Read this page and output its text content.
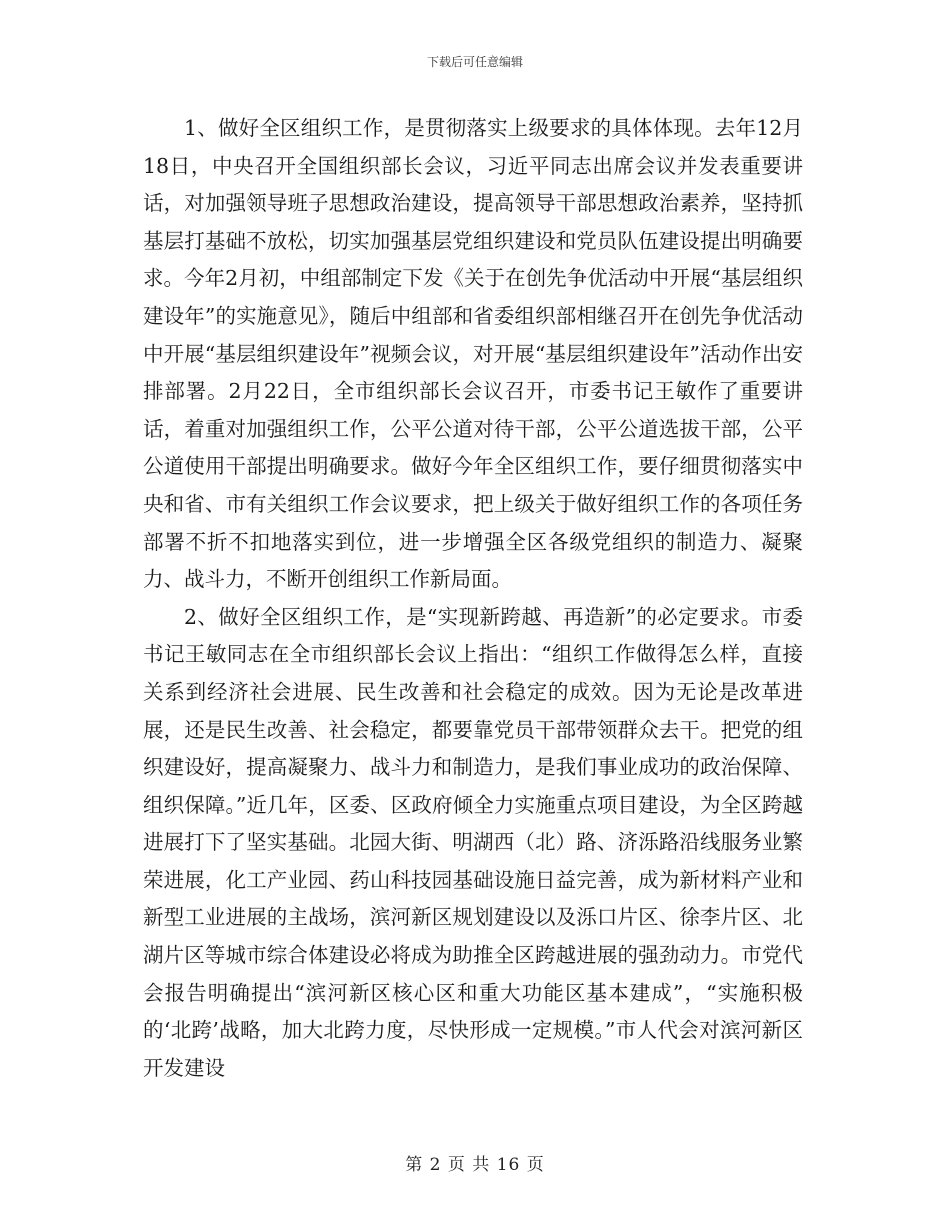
下载后可任意编辑

1、做好全区组织工作，是贯彻落实上级要求的具体体现。去年12月18日，中央召开全国组织部长会议，习近平同志出席会议并发表重要讲话，对加强领导班子思想政治建设，提高领导干部思想政治素养，坚持抓基层打基础不放松，切实加强基层党组织建设和党员队伍建设提出明确要求。今年2月初，中组部制定下发《关于在创先争优活动中开展“基层组织建设年”的实施意见》，随后中组部和省委组织部相继召开在创先争优活动中开展“基层组织建设年”视频会议，对开展“基层组织建设年”活动作出安排部署。2月22日，全市组织部长会议召开，市委书记王敏作了重要讲话，着重对加强组织工作，公平公道对待干部，公平公道选拔干部，公平公道使用干部提出明确要求。做好今年全区组织工作，要仔细贯彻落实中央和省、市有关组织工作会议要求，把上级关于做好组织工作的各项任务部署不折不扣地落实到位，进一步增强全区各级党组织的制造力、凝聚力、战斗力，不断开创组织工作新局面。

2、做好全区组织工作，是“实现新跨越、再造新”的必定要求。市委书记王敏同志在全市组织部长会议上指出：“组织工作做得怎么样，直接关系到经济社会进展、民生改善和社会稳定的成效。因为无论是改革进展，还是民生改善、社会稳定，都要靠党员干部带领群众去干。把党的组织建设好，提高凝聚力、战斗力和制造力，是我们事业成功的政治保障、组织保障。”近几年，区委、区政府倾全力实施重点项目建设，为全区跨越进展打下了坚实基础。北园大街、明湖西（北）路、济泺路沿线服务业繁荣进展，化工产业园、药山科技园基础设施日益完善，成为新材料产业和新型工业进展的主战场，滨河新区规划建设以及泺口片区、徐李片区、北湖片区等城市综合体建设必将成为助推全区跨越进展的强劲动力。市党代会报告明确提出“滨河新区核心区和重大功能区基本建成”，“实施积极的‘北跨’战略，加大北跨力度，尽快形成一定规模。”市人代会对滨河新区开发建设

第 2 页 共 16 页
